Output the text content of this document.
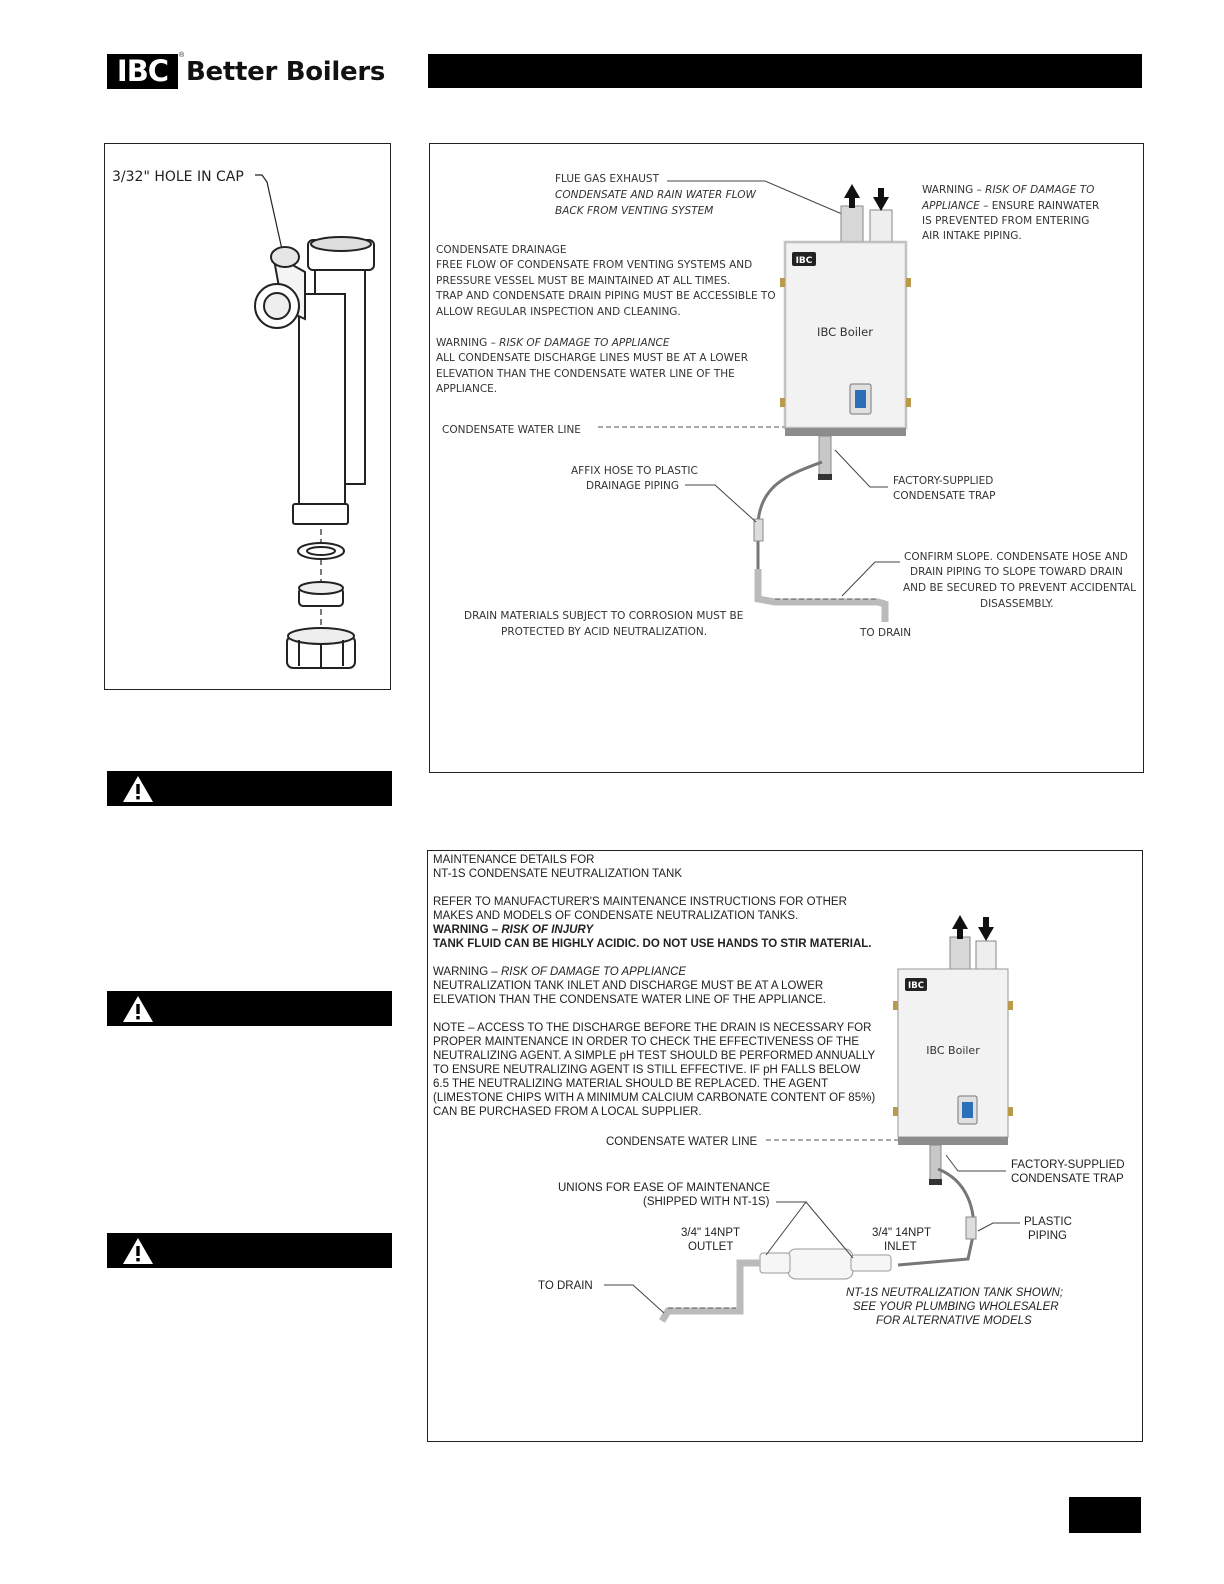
IBC	®
Better Boilers
3/32" HOLE IN CAP	FLUE GAS EXHAUST
CONDENSATE AND RAIN WATER FLOW
BACK FROM VENTING SYSTEM
WARNING – RISK OF DAMAGE TO
APPLIANCE – ENSURE RAINWATER
IS PREVENTED FROM ENTERING
AIR INTAKE PIPING.
CONDENSATE DRAINAGE
FREE FLOW OF CONDENSATE FROM VENTING SYSTEMS AND
PRESSURE VESSEL MUST BE MAINTAINED AT ALL TIMES.
TRAP AND CONDENSATE DRAIN PIPING MUST BE ACCESSIBLE TO
ALLOW REGULAR INSPECTION AND CLEANING.
WARNING – RISK OF DAMAGE TO APPLIANCE
ALL CONDENSATE DISCHARGE LINES MUST BE AT A LOWER
ELEVATION THAN THE CONDENSATE WATER LINE OF THE
APPLIANCE.
CONDENSATE WATER LINE
IBC
IBC Boiler
AFFIX HOSE TO PLASTIC
DRAINAGE PIPING	FACTORY-SUPPLIED
CONDENSATE TRAP
CONFIRM SLOPE. CONDENSATE HOSE AND
DRAIN PIPING TO SLOPE TOWARD DRAIN
AND BE SECURED TO PREVENT ACCIDENTAL
DISASSEMBLY.
DRAIN MATERIALS SUBJECT TO CORROSION MUST BE
PROTECTED BY ACID NEUTRALIZATION.	TO DRAIN
MAINTENANCE DETAILS FOR
NT-1S CONDENSATE NEUTRALIZATION TANK
REFER TO MANUFACTURER'S MAINTENANCE INSTRUCTIONS FOR OTHER
MAKES AND MODELS OF CONDENSATE NEUTRALIZATION TANKS.
WARNING – RISK OF INJURY
TANK FLUID CAN BE HIGHLY ACIDIC. DO NOT USE HANDS TO STIR MATERIAL.
WARNING – RISK OF DAMAGE TO APPLIANCE
NEUTRALIZATION TANK INLET AND DISCHARGE MUST BE AT A LOWER
ELEVATION THAN THE CONDENSATE WATER LINE OF THE APPLIANCE.
NOTE – ACCESS TO THE DISCHARGE BEFORE THE DRAIN IS NECESSARY FOR
PROPER MAINTENANCE IN ORDER TO CHECK THE EFFECTIVENESS OF THE
NEUTRALIZING AGENT. A SIMPLE pH TEST SHOULD BE PERFORMED ANNUALLY
TO ENSURE NEUTRALIZING AGENT IS STILL EFFECTIVE. IF pH FALLS BELOW
6.5 THE NEUTRALIZING MATERIAL SHOULD BE REPLACED. THE AGENT
(LIMESTONE CHIPS WITH A MINIMUM CALCIUM CARBONATE CONTENT OF 85%)
CAN BE PURCHASED FROM A LOCAL SUPPLIER.
CONDENSATE WATER LINE
IBC
IBC Boiler
UNIONS FOR EASE OF MAINTENANCE
(SHIPPED WITH NT-1S)
3/4" 14NPT
OUTLET
3/4" 14NPT
INLET
FACTORY-SUPPLIED
CONDENSATE TRAP
PLASTIC
PIPING
TO DRAIN
NT-1S NEUTRALIZATION TANK SHOWN;
SEE YOUR PLUMBING WHOLESALER
FOR ALTERNATIVE MODELS
